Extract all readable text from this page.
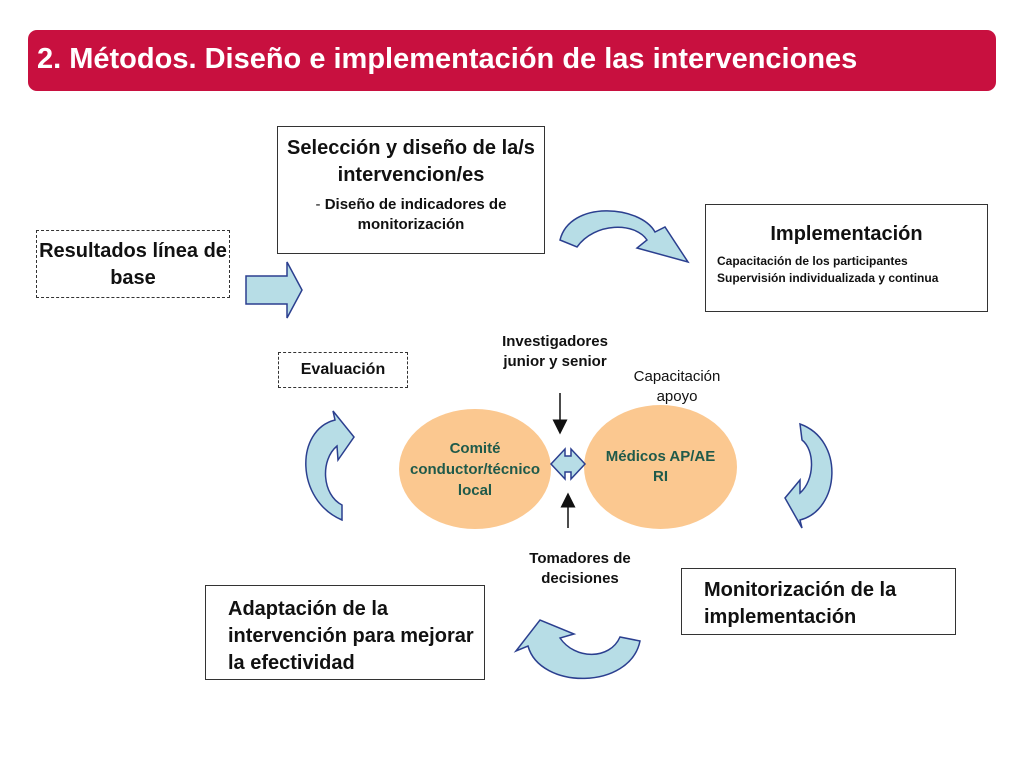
2. Métodos. Diseño e implementación de las intervenciones
Selección y diseño de la/s intervencion/es
- Diseño de indicadores de monitorización
Resultados línea de base
Implementación
Capacitación de los participantes
Supervisión individualizada y continua
Evaluación
Adaptación de la intervención para mejorar la efectividad
Monitorización de la implementación
Investigadores junior y senior
Capacitación apoyo
Comité conductor/técnico local
Médicos AP/AE RI
Tomadores de decisiones
